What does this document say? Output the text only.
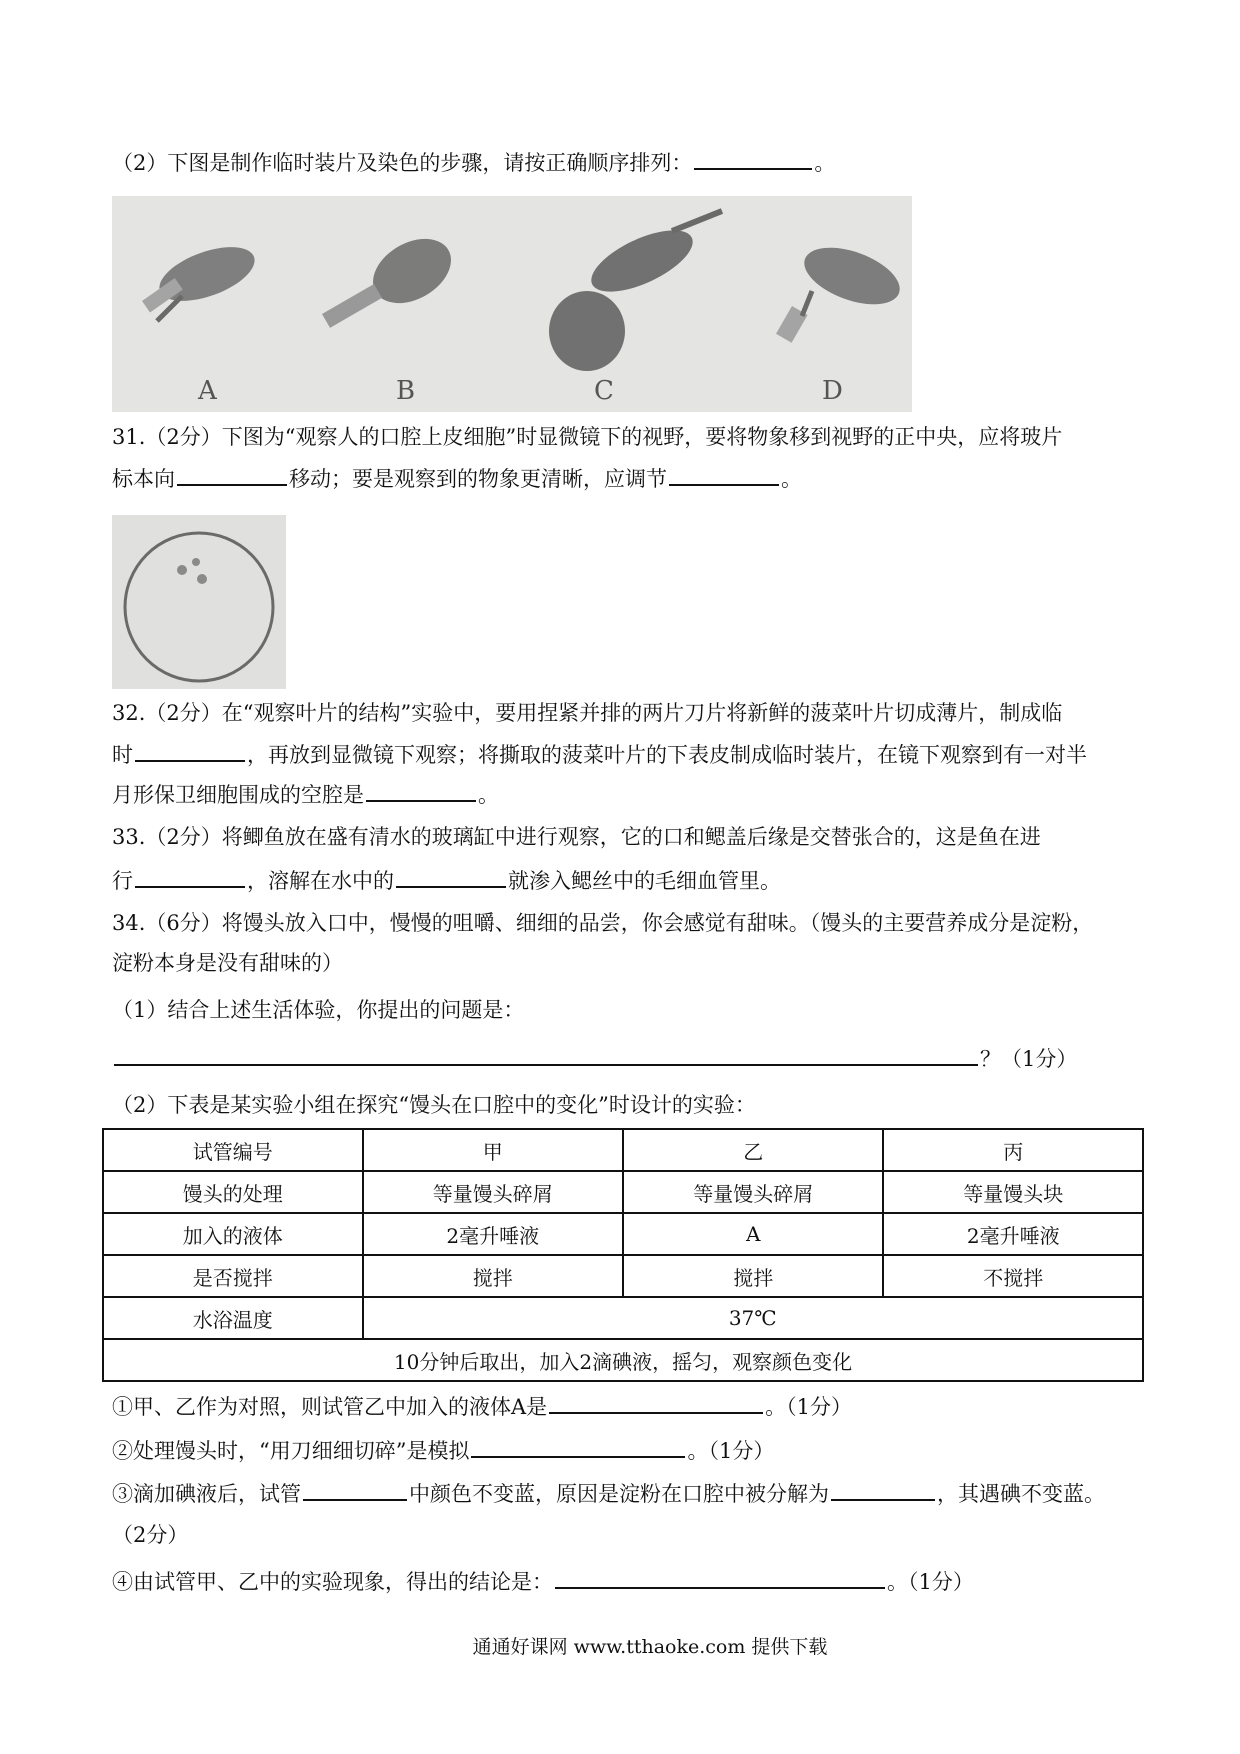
（2）下图是制作临时装片及染色的步骤，请按正确顺序排列：	。
A	B	C	D
31.（2分）下图为“观察人的口腔上皮细胞”时显微镜下的视野，要将物象移到视野的正中央，应将玻片
标本向	移动；要是观察到的物象更清晰，应调节	。
32.（2分）在“观察叶片的结构”实验中，要用捏紧并排的两片刀片将新鲜的菠菜叶片切成薄片，制成临
时	，再放到显微镜下观察；将撕取的菠菜叶片的下表皮制成临时装片，在镜下观察到有一对半
月形保卫细胞围成的空腔是	。
33.（2分）将鲫鱼放在盛有清水的玻璃缸中进行观察，它的口和鳃盖后缘是交替张合的，这是鱼在进
行	，溶解在水中的	就渗入鳃丝中的毛细血管里。
34.（6分）将馒头放入口中，慢慢的咀嚼、细细的品尝，你会感觉有甜味。（馒头的主要营养成分是淀粉，
淀粉本身是没有甜味的）
（1）结合上述生活体验，你提出的问题是：
？（1分）
（2）下表是某实验小组在探究“馒头在口腔中的变化”时设计的实验：
试管编号	甲	乙	丙
馒头的处理	等量馒头碎屑	等量馒头碎屑	等量馒头块
加入的液体	2毫升唾液	A	2毫升唾液
是否搅拌	搅拌	搅拌	不搅拌
水浴温度	37℃		
10分钟后取出，加入2滴碘液，摇匀，观察颜色变化			
①甲、乙作为对照，则试管乙中加入的液体A是	。（1分）
②处理馒头时，“用刀细细切碎”是模拟	。（1分）
③滴加碘液后，试管	中颜色不变蓝，原因是淀粉在口腔中被分解为	，其遇碘不变蓝。
（2分）
④由试管甲、乙中的实验现象，得出的结论是：	。（1分）
通通好课网 www.tthaoke.com 提供下载
